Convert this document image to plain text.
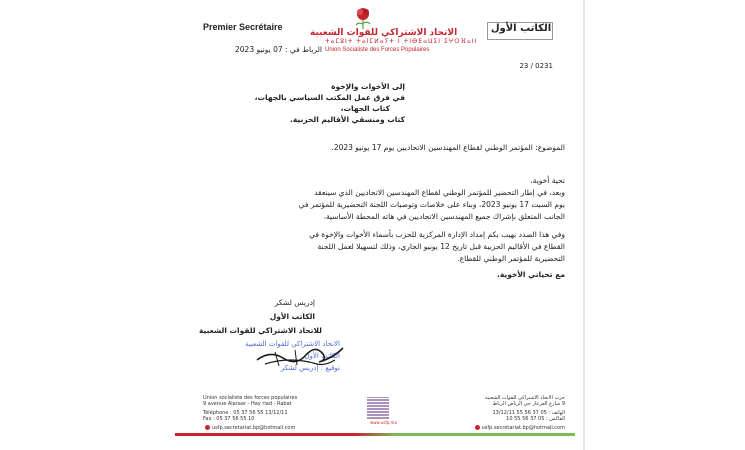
Premier Secrétaire	الكاتب الأول
الاتحاد الاشتراكي للقوات الشعبية
ⵜⴰⵎⵓⵏⵜ ⵜⴰⵏⵎⵍⴰⵢⵜ ⵏ ⵜⵏⴱⴹⴰⵡⵉⵏ ⵉⵖⵔⴼⴰⵏⵏ
Union Socialiste des Forces Populaires
الرباط في : 07 يونيو 2023
23 / 0231
إلى الأخوات والإخوة
في فرق عمل المكتب السياسي بالجهات،
كتاب الجهات،
كتاب ومنسقي الأقاليم الحزبية.
الموضوع: المؤتمر الوطني لقطاع المهندسين الاتحاديين يوم 17 يونيو 2023.
تحية أخوية،
وبعد، في إطار التحضير للمؤتمر الوطني لقطاع المهندسين الاتحاديين الذي سينعقد
يوم السبت 17 يونيو 2023، وبناء على خلاصات وتوصيات اللجنة التحضيرية للمؤتمر في
الجانب المتعلق بإشراك جميع المهندسين الاتحاديين في هاته المحطة الأساسية،
وفي هذا الصدد نهيب بكم إمداد الإدارة المركزية للحزب بأسماء الأخوات والإخوة في
القطاع في الأقاليم الحزبية قبل تاريخ 12 يونيو الجاري، وذلك لتسهيلا لعمل اللجنة
التحضيرية للمؤتمر الوطني للقطاع.
مع تحياتي الأخوية.
إدريس لشكر
الكاتب الأول
للاتحاد الاشتراكي للقوات الشعبية
الاتحاد الاشتراكي للقوات الشعبية
الكاتب الأول
توقيع : إدريس لشكر
Union socialiste des forces populaires
9 avenue Alaraar - Hay riad - Rabat
Téléphone : 05 37 56 55 13/12/11
Fax : 05 37 56 55 10
usfp.secretariat.bp@hotmail.com
www.usfp.ma
حزب الاتحاد الاشتراكي للقوات الشعبية
9 شارع العرعار حي الرياض الرباط
الهاتف : 05 37 56 55 13/12/11
الفاكس : 05 37 56 55 10
usfp.secretariat.bp@hotmail.com
